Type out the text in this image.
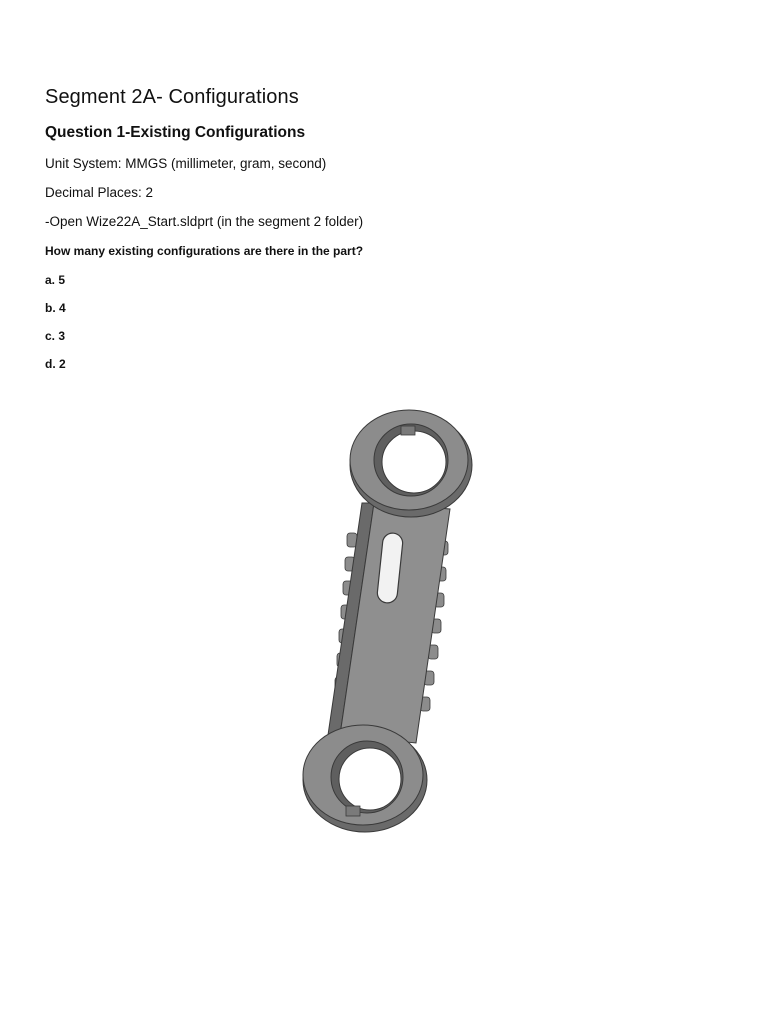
Segment 2A- Configurations
Question 1-Existing Configurations

Unit System: MMGS (millimeter, gram, second)

Decimal Places: 2

-Open Wize22A_Start.sldprt (in the segment 2 folder)

How many existing configurations are there in the part?

a. 5
b. 4
c. 3
d. 2
